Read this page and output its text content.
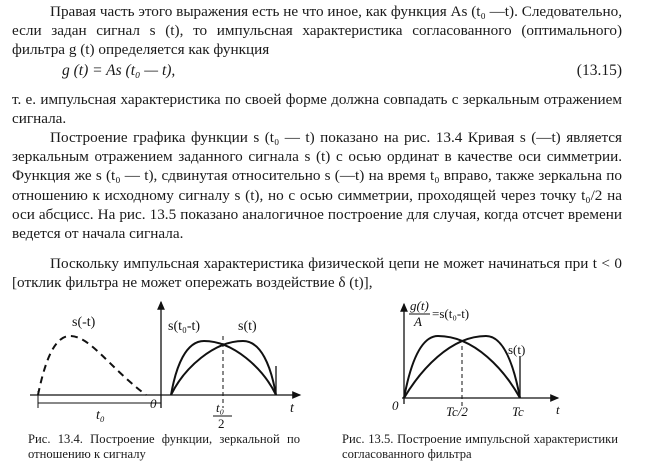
Правая часть этого выражения есть не что иное, как функция As (t₀ —t). Следовательно, если задан сигнал s (t), то импульсная характеристика согласованного (оптимального) фильтра g (t) определяется как функция

g (t) = As (t₀ — t),	(13.15)

т. е. импульсная характеристика по своей форме должна совпадать с зеркальным отражением сигнала.

Построение графика функции s (t₀ — t) показано на рис. 13.4 Кривая s (—t) является зеркальным отражением заданного сигнала s (t) с осью ординат в качестве оси симметрии. Функция же s (t₀ — t), сдвинутая относительно s (—t) на время t₀ вправо, также зеркальна по отношению к исходному сигналу s (t), но с осью симметрии, проходящей через точку t₀/2 на оси абсцисс. На рис. 13.5 показано аналогичное построение для случая, когда отсчет времени ведется от начала сигнала.

Поскольку импульсная характеристика физической цепи не может начинаться при t < 0 [отклик фильтра не может опережать воздействие δ (t)],

s(-t)	s(t₀-t)	s(t)
t₀
0	t₀
2
t
Рис. 13.4. Построение функции, зеркальной по отношению к сигналу
g(t)
A
=s(t₀-t)
s(t)
0	Tc/2	Tc t
Рис. 13.5. Построение импульсной характеристики согласованного фильтра
